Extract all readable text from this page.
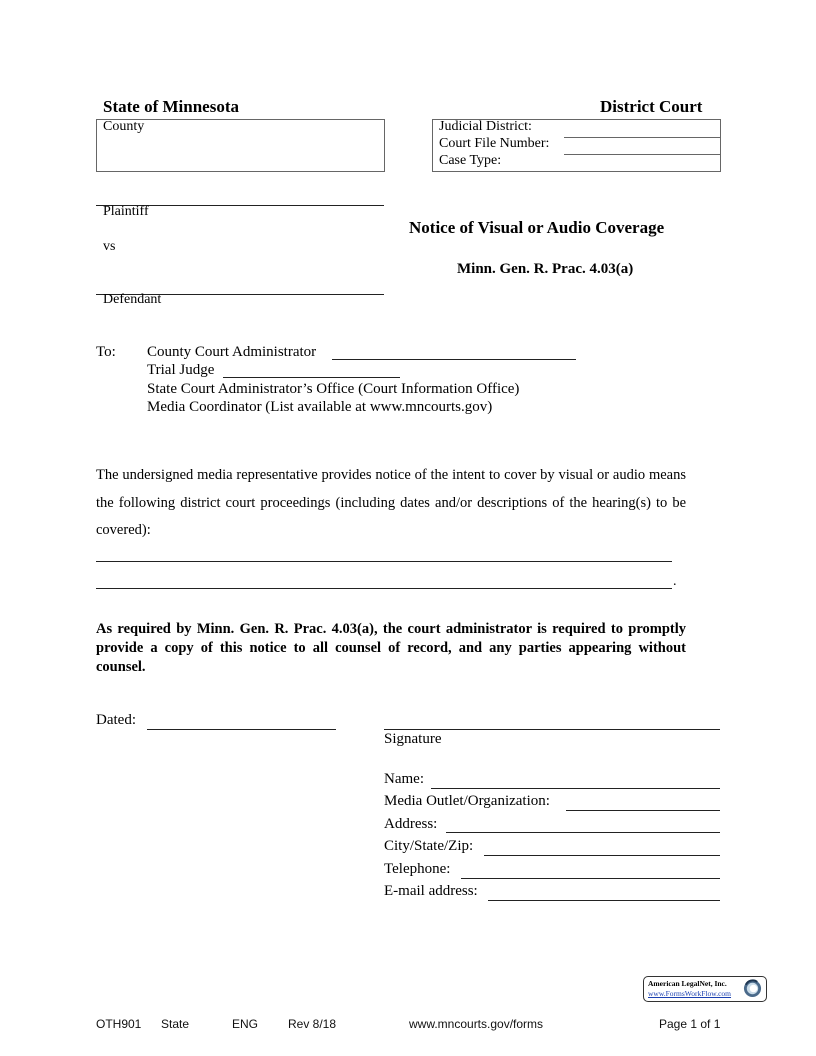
State of Minnesota	District Court
County	Judicial District:
Court File Number:
Case Type:
Plaintiff
vs
Defendant
Notice of Visual or Audio Coverage
Minn. Gen. R. Prac. 4.03(a)
To: County Court Administrator
Trial Judge
State Court Administrator’s Office (Court Information Office)
Media Coordinator (List available at www.mncourts.gov)
The undersigned media representative provides notice of the intent to cover by visual or audio means the following district court proceedings (including dates and/or descriptions of the hearing(s) to be covered):
.
As required by Minn. Gen. R. Prac. 4.03(a), the court administrator is required to promptly provide a copy of this notice to all counsel of record, and any parties appearing without counsel.
Dated:
Signature
Name:
Media Outlet/Organization:
Address:
City/State/Zip:
Telephone:
E-mail address:
American LegalNet, Inc.
www.FormsWorkFlow.com
OTH901 State	ENG Rev 8/18	www.mncourts.gov/forms	Page 1 of 1
